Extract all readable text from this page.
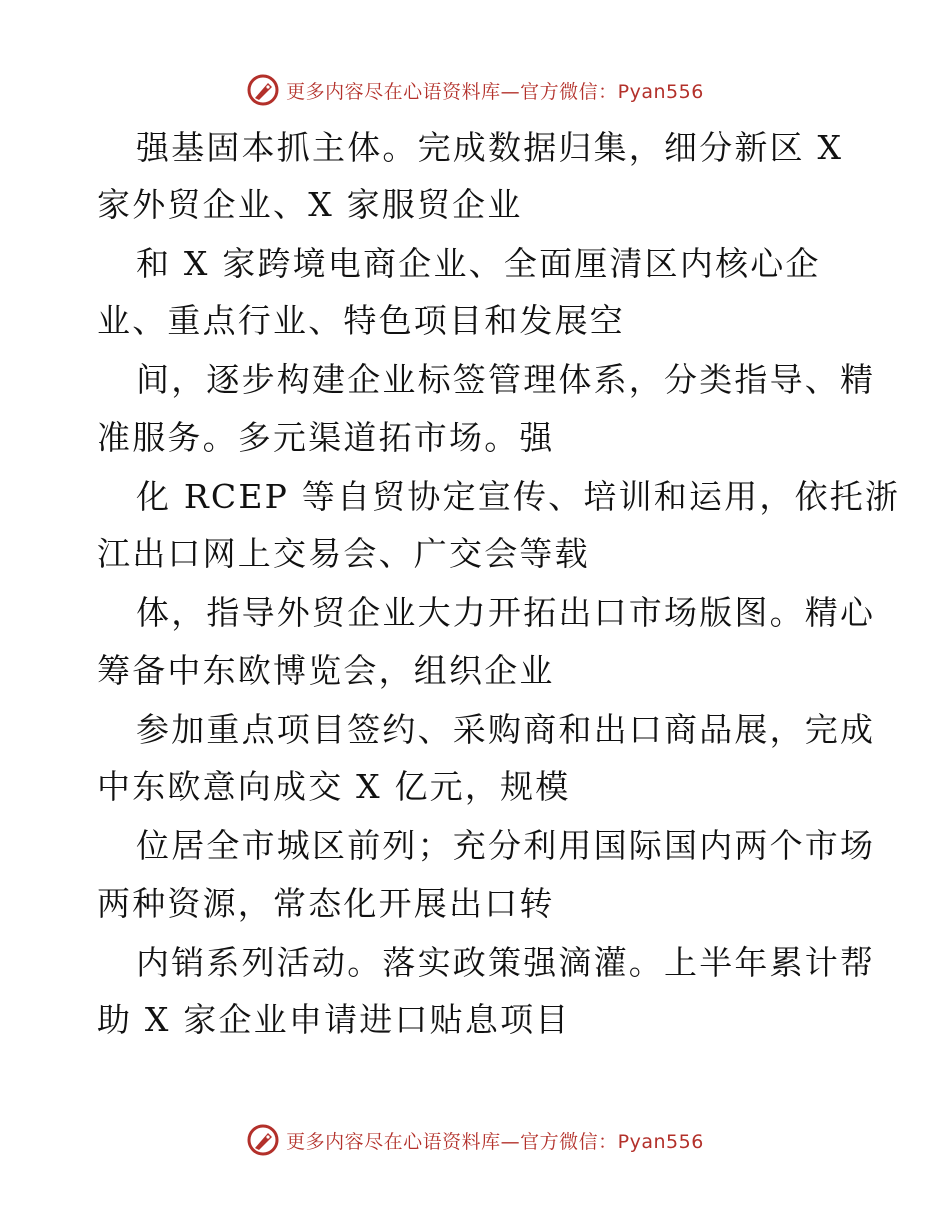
更多内容尽在心语资料库—官方微信：Pyan556
强基固本抓主体。完成数据归集，细分新区 X
家外贸企业、X 家服贸企业
和 X 家跨境电商企业、全面厘清区内核心企
业、重点行业、特色项目和发展空
间，逐步构建企业标签管理体系，分类指导、精
准服务。多元渠道拓市场。强
化 RCEP 等自贸协定宣传、培训和运用，依托浙
江出口网上交易会、广交会等载
体，指导外贸企业大力开拓出口市场版图。精心
筹备中东欧博览会，组织企业
参加重点项目签约、采购商和出口商品展，完成
中东欧意向成交 X 亿元，规模
位居全市城区前列；充分利用国际国内两个市场
两种资源，常态化开展出口转
内销系列活动。落实政策强滴灌。上半年累计帮
助 X 家企业申请进口贴息项目
更多内容尽在心语资料库—官方微信：Pyan556
